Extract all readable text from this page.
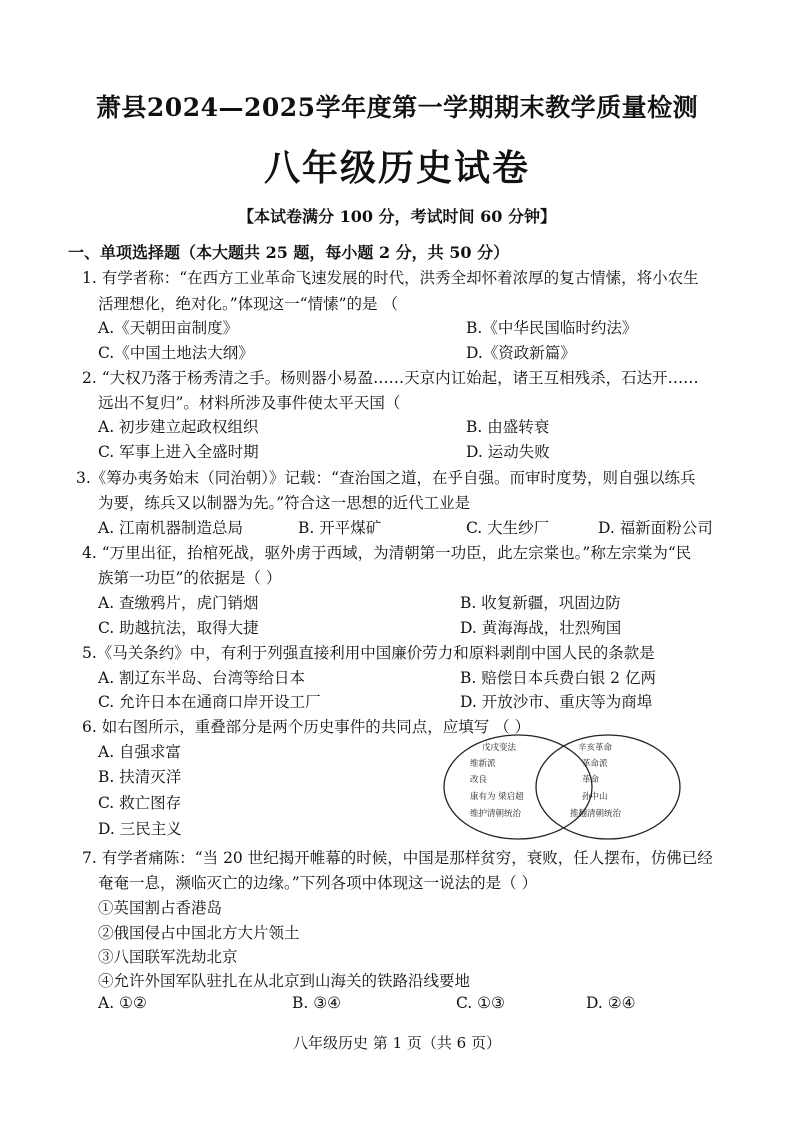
萧县2024—2025学年度第一学期期末教学质量检测
八年级历史试卷
【本试卷满分 100 分，考试时间 60 分钟】
一、单项选择题（本大题共 25 题，每小题 2 分，共 50 分）
1. 有学者称：“在西方工业革命飞速发展的时代，洪秀全却怀着浓厚的复古情愫，将小农生
活理想化，绝对化。”体现这一“情愫”的是 （
A.《天朝田亩制度》	B.《中华民国临时约法》
C.《中国土地法大纲》	D.《资政新篇》
2. “大权乃落于杨秀清之手。杨则器小易盈……天京内讧始起，诸王互相残杀，石达开……
远出不复归”。材料所涉及事件使太平天国（
A. 初步建立起政权组织	B. 由盛转衰
C. 军事上进入全盛时期	D. 运动失败
3.《筹办夷务始末（同治朝）》记载：“查治国之道，在乎自强。而审时度势，则自强以练兵
为要，练兵又以制器为先。”符合这一思想的近代工业是
A. 江南机器制造总局	B. 开平煤矿	C. 大生纱厂	D. 福新面粉公司
4. “万里出征，抬棺死战，驱外虏于西域，为清朝第一功臣，此左宗棠也。”称左宗棠为“民
族第一功臣”的依据是（ ）
A. 查缴鸦片，虎门销烟	B. 收复新疆，巩固边防
C. 助越抗法，取得大捷	D. 黄海海战，壮烈殉国
5.《马关条约》中，有利于列强直接利用中国廉价劳力和原料剥削中国人民的条款是
A. 割辽东半岛、台湾等给日本	B. 赔偿日本兵费白银 2 亿两
C. 允许日本在通商口岸开设工厂	D. 开放沙市、重庆等为商埠
6. 如右图所示，重叠部分是两个历史事件的共同点，应填写 （ ）
A. 自强求富
B. 扶清灭洋
C. 救亡图存
D. 三民主义
戊戌变法
维新派
改良
康有为 梁启超
维护清朝统治
辛亥革命
革命派
革命
孙中山
推翻清朝统治
7. 有学者痛陈：“当 20 世纪揭开帷幕的时候，中国是那样贫穷，衰败，任人摆布，仿佛已经
奄奄一息，濒临灭亡的边缘。”下列各项中体现这一说法的是（ ）
①英国割占香港岛
②俄国侵占中国北方大片领土
③八国联军洗劫北京
④允许外国军队驻扎在从北京到山海关的铁路沿线要地
A. ①②	B. ③④	C. ①③	D. ②④
八年级历史 第 1 页（共 6 页）
